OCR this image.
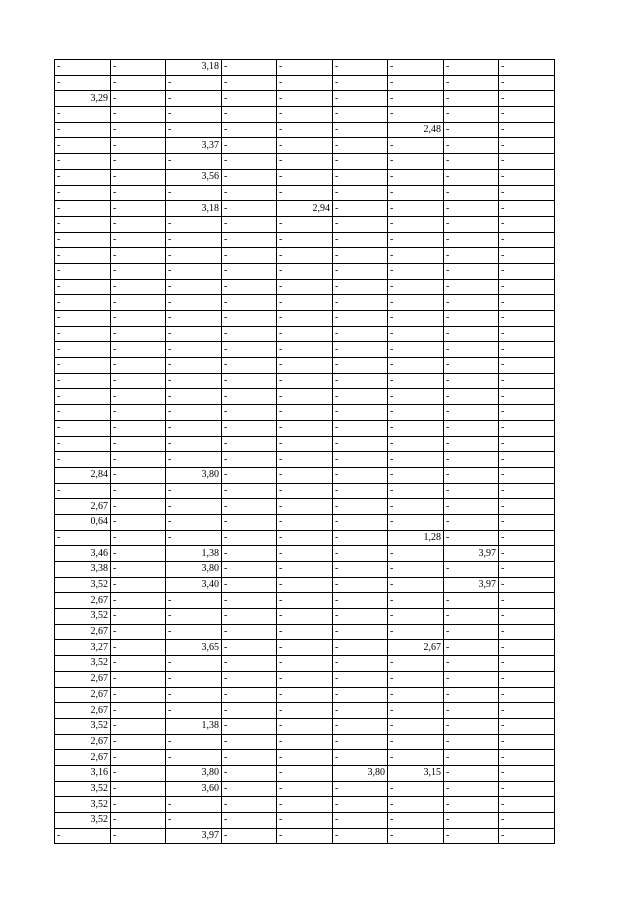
-	-	3,18	-	-	-	-	-	-
-	-	-	-	-	-	-	-	-
3,29	-	-	-	-	-	-	-	-
-	-	-	-	-	-	-	-	-
-	-	-	-	-	-	2,48	-	-
-	-	3,37	-	-	-	-	-	-
-	-	-	-	-	-	-	-	-
-	-	3,56	-	-	-	-	-	-
-	-	-	-	-	-	-	-	-
-	-	3,18	-	2,94	-	-	-	-
-	-	-	-	-	-	-	-	-
-	-	-	-	-	-	-	-	-
-	-	-	-	-	-	-	-	-
-	-	-	-	-	-	-	-	-
-	-	-	-	-	-	-	-	-
-	-	-	-	-	-	-	-	-
-	-	-	-	-	-	-	-	-
-	-	-	-	-	-	-	-	-
-	-	-	-	-	-	-	-	-
-	-	-	-	-	-	-	-	-
-	-	-	-	-	-	-	-	-
-	-	-	-	-	-	-	-	-
-	-	-	-	-	-	-	-	-
-	-	-	-	-	-	-	-	-
-	-	-	-	-	-	-	-	-
-	-	-	-	-	-	-	-	-
2,84	-	3,80	-	-	-	-	-	-
-	-	-	-	-	-	-	-	-
2,67	-	-	-	-	-	-	-	-
0,64	-	-	-	-	-	-	-	-
-	-	-	-	-	-	1,28	-	-
3,46	-	1,38	-	-	-	-	3,97	-
3,38	-	3,80	-	-	-	-	-	-
3,52	-	3,40	-	-	-	-	3,97	-
2,67	-	-	-	-	-	-	-	-
3,52	-	-	-	-	-	-	-	-
2,67	-	-	-	-	-	-	-	-
3,27	-	3,65	-	-	-	2,67	-	-
3,52	-	-	-	-	-	-	-	-
2,67	-	-	-	-	-	-	-	-
2,67	-	-	-	-	-	-	-	-
2,67	-	-	-	-	-	-	-	-
3,52	-	1,38	-	-	-	-	-	-
2,67	-	-	-	-	-	-	-	-
2,67	-	-	-	-	-	-	-	-
3,16	-	3,80	-	-	3,80	3,15	-	-
3,52	-	3,60	-	-	-	-	-	-
3,52	-	-	-	-	-	-	-	-
3,52	-	-	-	-	-	-	-	-
-	-	3,97	-	-	-	-	-	-
